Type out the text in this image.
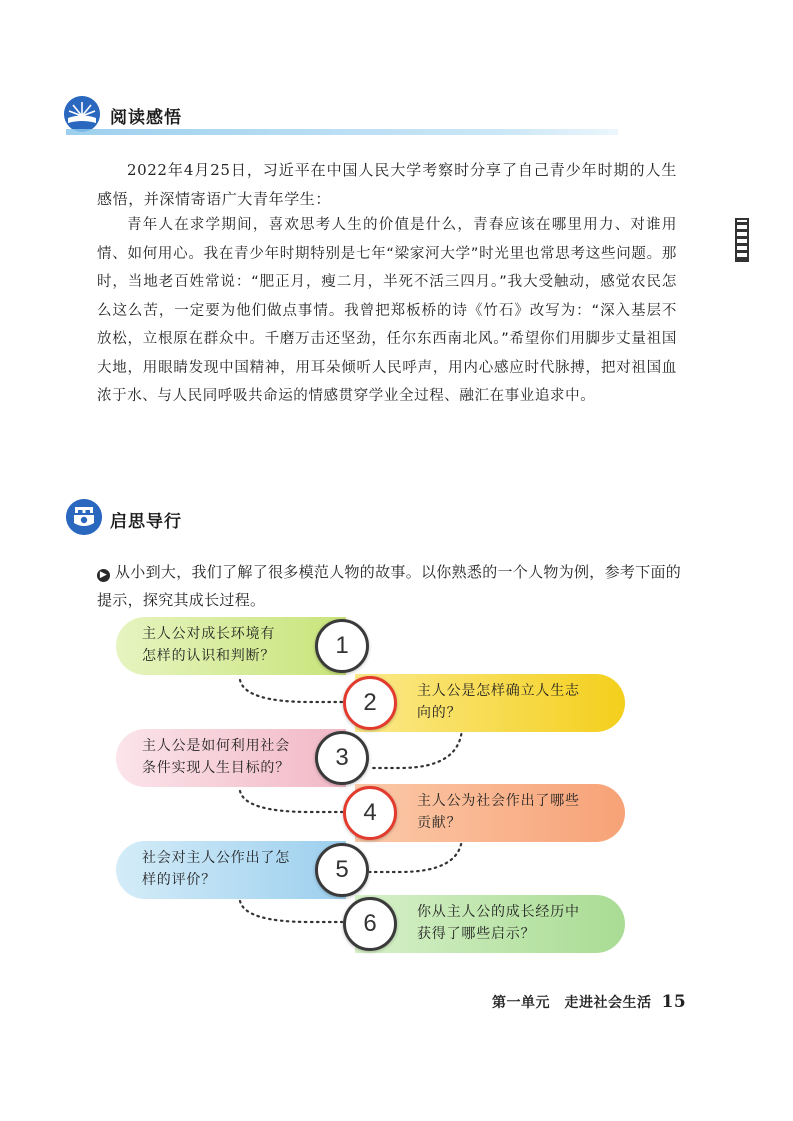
阅读感悟
2022年4月25日，习近平在中国人民大学考察时分享了自己青少年时期的人生感悟，并深情寄语广大青年学生：
青年人在求学期间，喜欢思考人生的价值是什么，青春应该在哪里用力、对谁用情、如何用心。我在青少年时期特别是七年“梁家河大学”时光里也常思考这些问题。那时，当地老百姓常说：“肥正月，瘦二月，半死不活三四月。”我大受触动，感觉农民怎么这么苦，一定要为他们做点事情。我曾把郑板桥的诗《竹石》改写为：“深入基层不放松，立根原在群众中。千磨万击还坚劲，任尔东西南北风。”希望你们用脚步丈量祖国大地，用眼睛发现中国精神，用耳朵倾听人民呼声，用内心感应时代脉搏，把对祖国血浓于水、与人民同呼吸共命运的情感贯穿学业全过程、融汇在事业追求中。
启思导行
▶ 从小到大，我们了解了很多模范人物的故事。以你熟悉的一个人物为例，参考下面的提示，探究其成长过程。
主人公对成长环境有
怎样的认识和判断？	1
主人公是怎样确立人生志
向的？
2
主人公是如何利用社会
条件实现人生目标的？	3
主人公为社会作出了哪些
贡献？
4
社会对主人公作出了怎
样的评价？	5
你从主人公的成长经历中
获得了哪些启示？
6
第一单元　走进社会生活 15
